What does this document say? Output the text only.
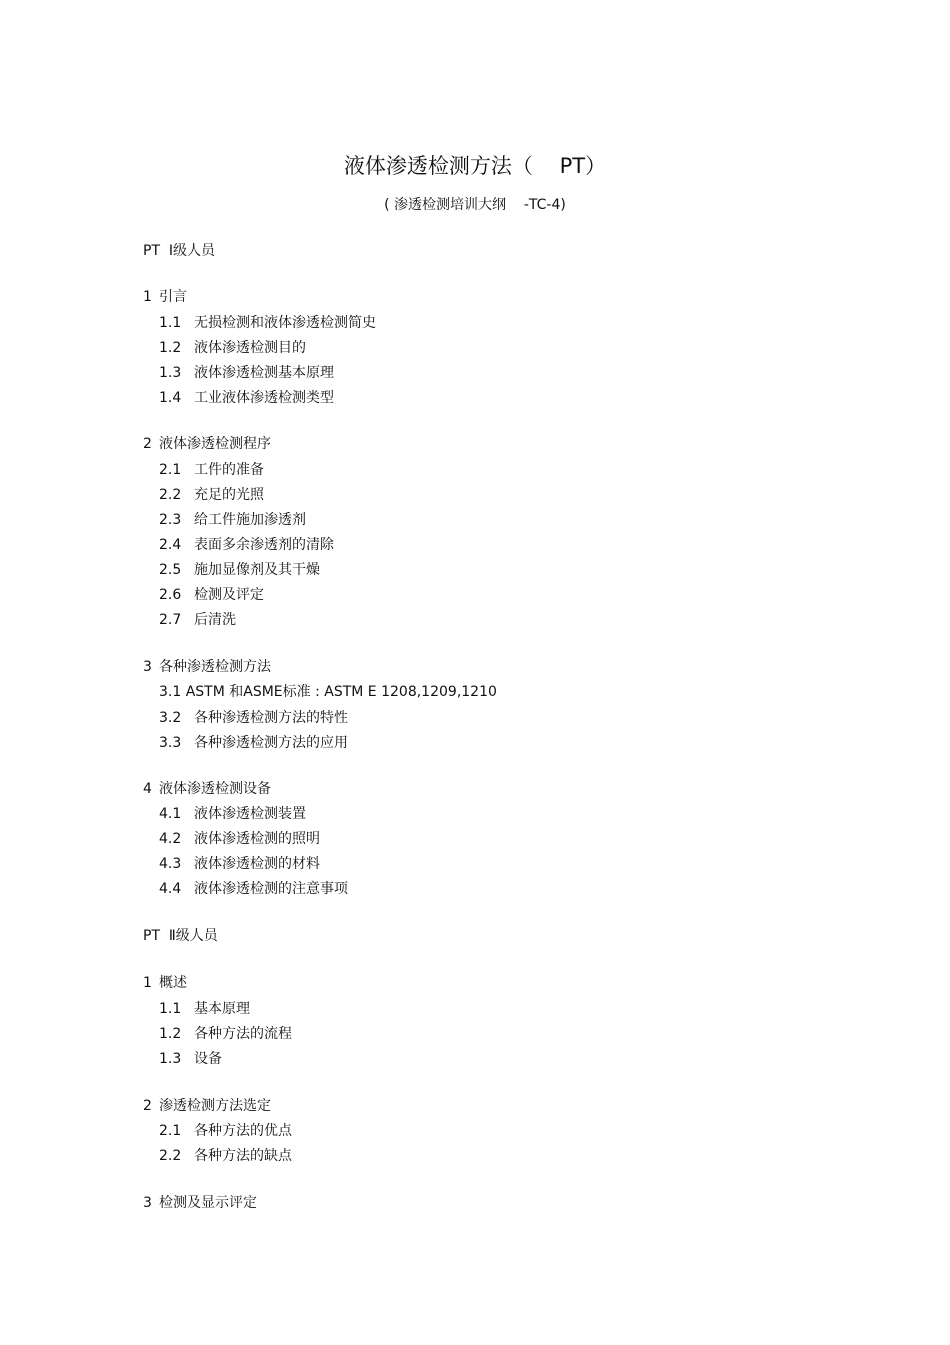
液体渗透检测方法（    PT）
( 渗透检测培训大纲    -TC-4)
PT  Ⅰ级人员
1 引言
1.1 无损检测和液体渗透检测简史
1.2 液体渗透检测目的
1.3 液体渗透检测基本原理
1.4 工业液体渗透检测类型
2 液体渗透检测程序
2.1 工件的准备
2.2 充足的光照
2.3 给工件施加渗透剂
2.4 表面多余渗透剂的清除
2.5 施加显像剂及其干燥
2.6 检测及评定
2.7 后清洗
3 各种渗透检测方法
3.1 ASTM 和ASME标准 : ASTM E 1208,1209,1210
3.2 各种渗透检测方法的特性
3.3 各种渗透检测方法的应用
4 液体渗透检测设备
4.1 液体渗透检测装置
4.2 液体渗透检测的照明
4.3 液体渗透检测的材料
4.4 液体渗透检测的注意事项
PT  Ⅱ级人员
1 概述
1.1 基本原理
1.2 各种方法的流程
1.3 设备
2 渗透检测方法选定
2.1 各种方法的优点
2.2 各种方法的缺点
3 检测及显示评定
